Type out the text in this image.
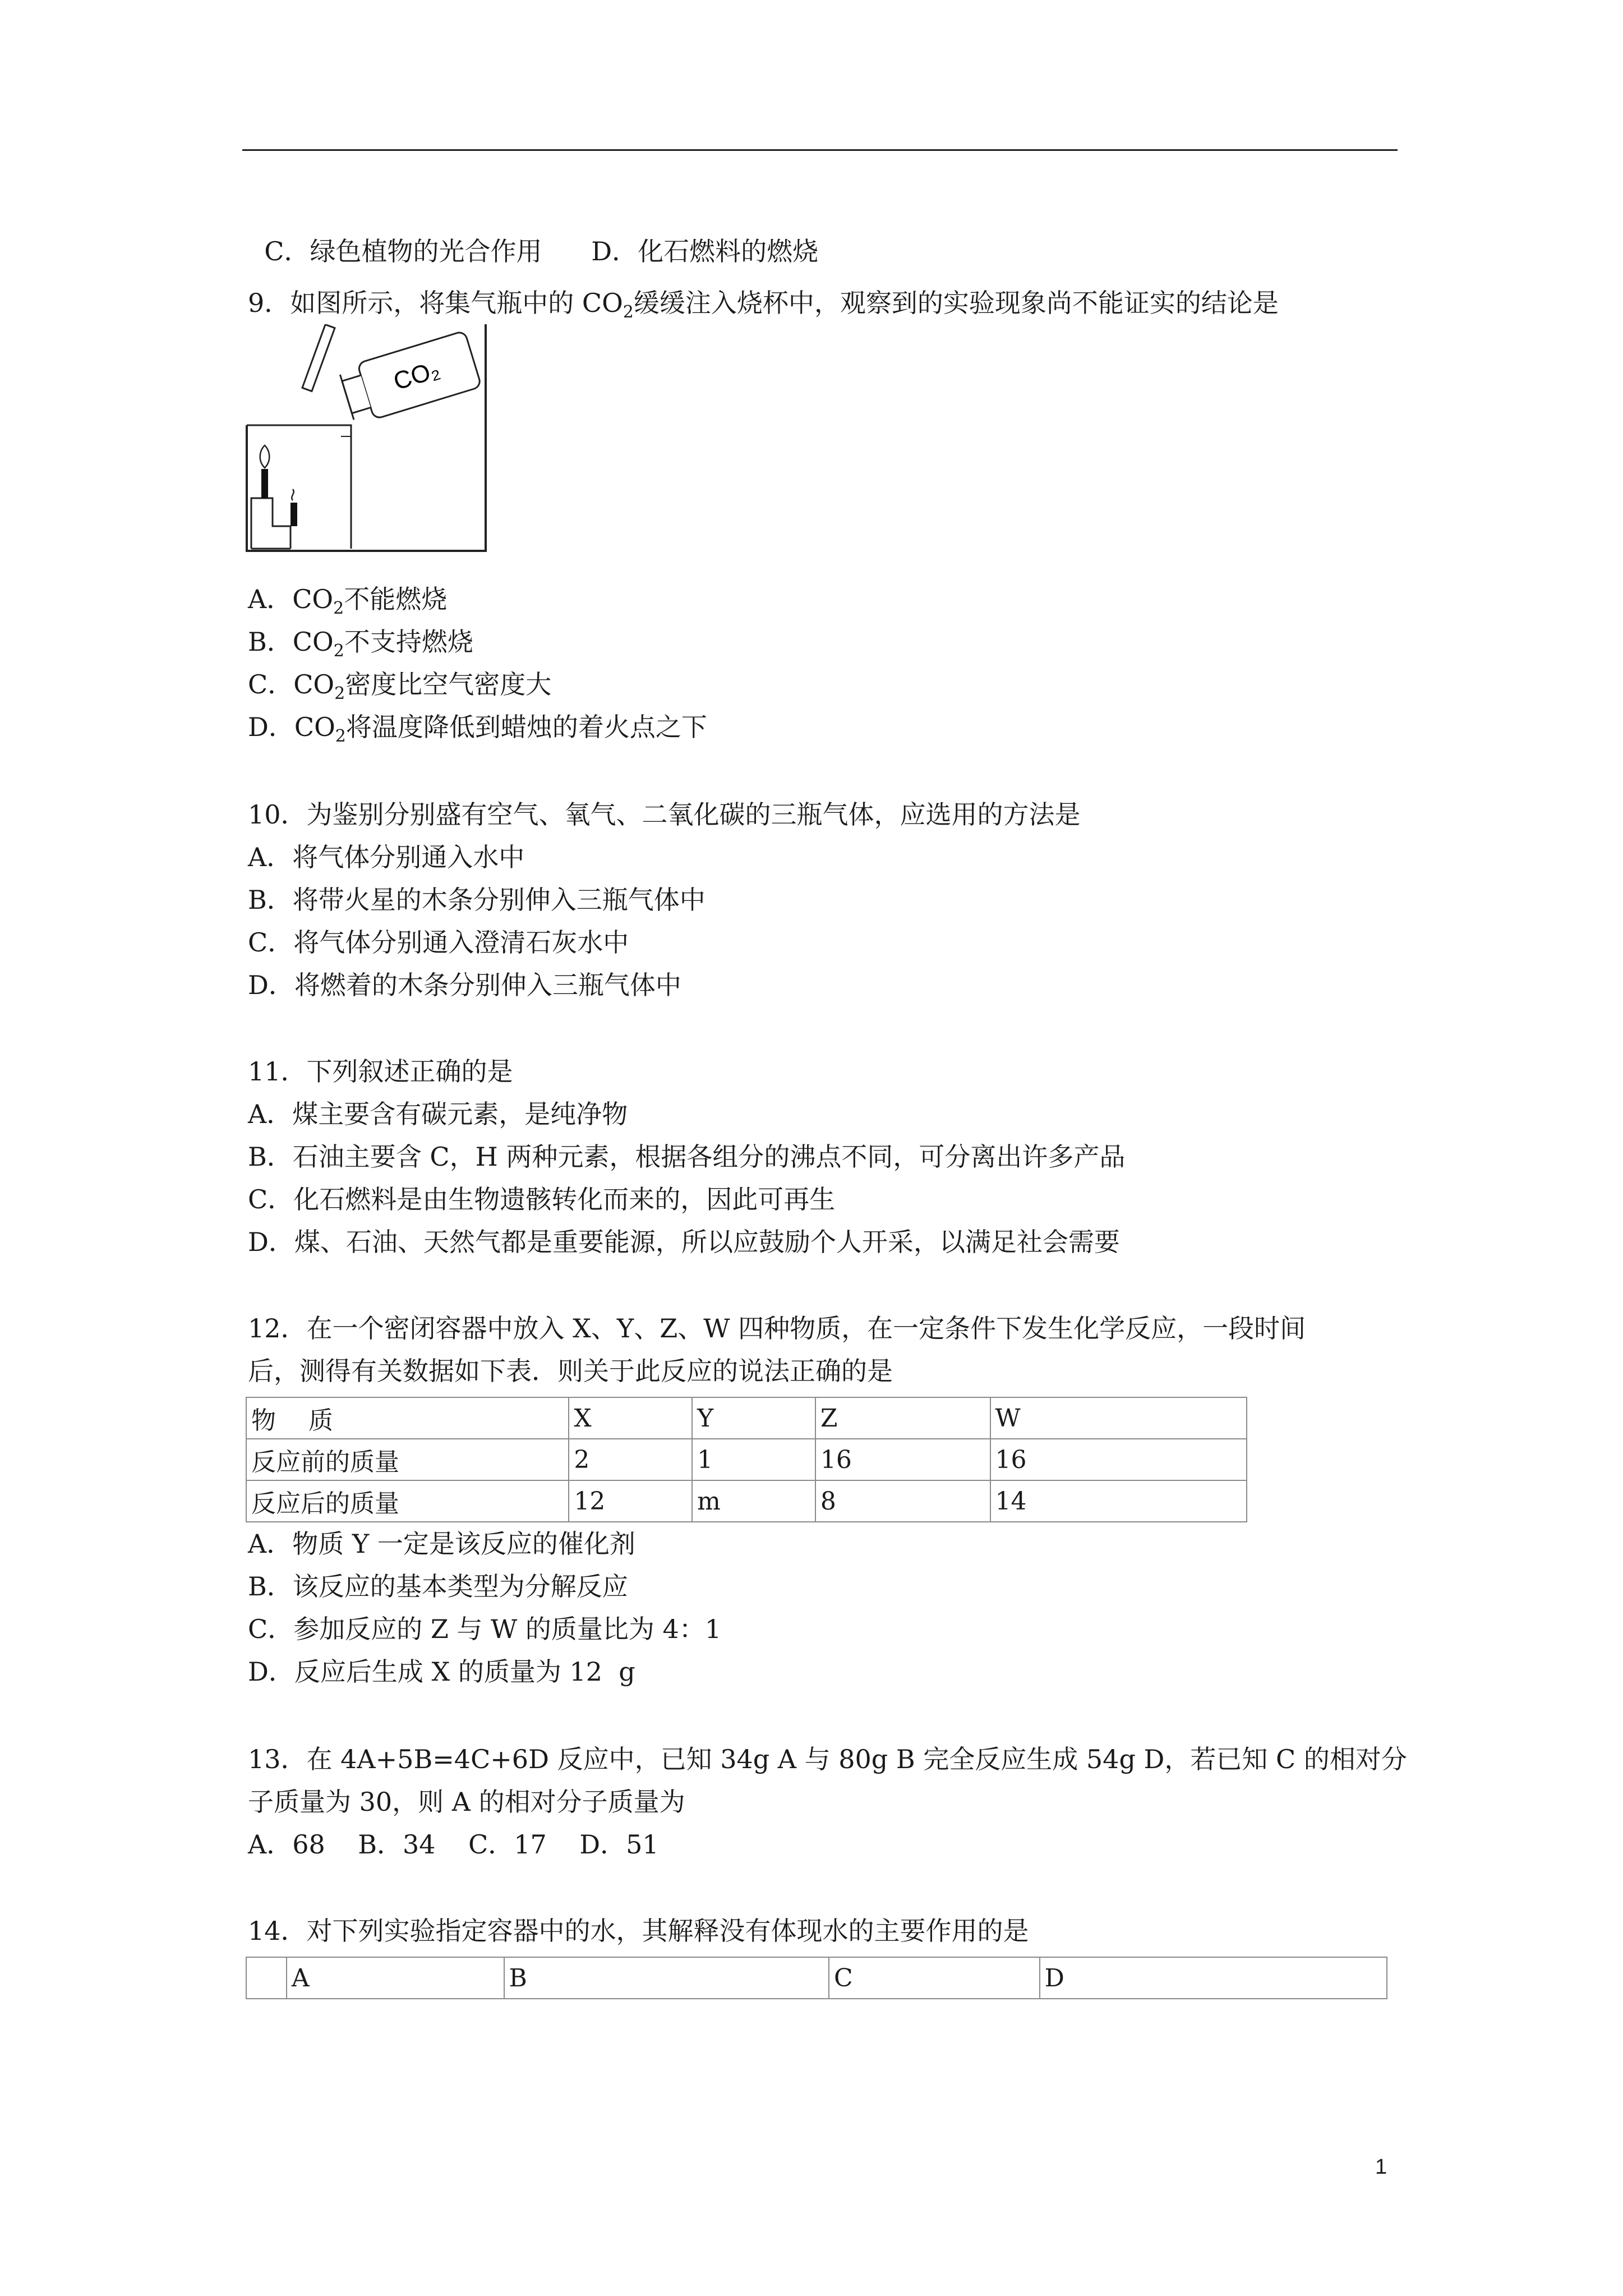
C．绿色植物的光合作用 D．化石燃料的燃烧

9．如图所示，将集气瓶中的 $CO_2$缓缓注入烧杯中，观察到的实验现象尚不能证实的结论是
CO₂
A．$CO_2$不能燃烧
B．$CO_2$不支持燃烧
C．$CO_2$密度比空气密度大
D．$CO_2$将温度降低到蜡烛的着火点之下
10．为鉴别分别盛有空气、氧气、二氧化碳的三瓶气体，应选用的方法是
A．将气体分别通入水中
B．将带火星的木条分别伸入三瓶气体中
C．将气体分别通入澄清石灰水中
D．将燃着的木条分别伸入三瓶气体中
11．下列叙述正确的是
A．煤主要含有碳元素，是纯净物
B．石油主要含 C，H 两种元素，根据各组分的沸点不同，可分离出许多产品
C．化石燃料是由生物遗骸转化而来的，因此可再生
D．煤、石油、天然气都是重要能源，所以应鼓励个人开采，以满足社会需要
12．在一个密闭容器中放入 X、Y、Z、W 四种物质，在一定条件下发生化学反应，一段时间
后，测得有关数据如下表．则关于此反应的说法正确的是
物　 质	X	Y	Z	W
反应前的质量	2	1	16	16
反应后的质量	12	m	8	14
A．物质 Y 一定是该反应的催化剂
B．该反应的基本类型为分解反应
C．参加反应的 Z 与 W 的质量比为 4：1
D．反应后生成 X 的质量为 12  g
13．在 4A+5B=4C+6D 反应中，已知 34g A 与 80g B 完全反应生成 54g D，若已知 C 的相对分
子质量为 30，则 A 的相对分子质量为
A．68    B．34    C．17    D．51
14．对下列实验指定容器中的水，其解释没有体现水的主要作用的是
	A	B	C	D
1
